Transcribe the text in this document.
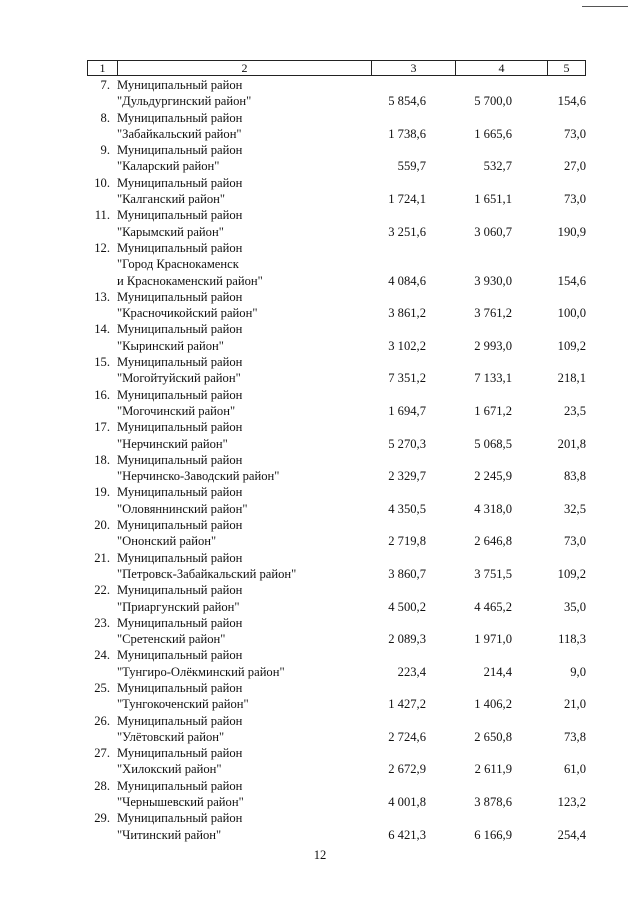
1	2	3	4	5
7. Муниципальный район
"Дульдургинский район"	5 854,6	5 700,0	154,6
8. Муниципальный район
"Забайкальский район"	1 738,6	1 665,6	73,0
9. Муниципальный район
"Каларский район"	559,7	532,7	27,0
10. Муниципальный район
"Калганский район"	1 724,1	1 651,1	73,0
11. Муниципальный район
"Карымский район"	3 251,6	3 060,7	190,9
12. Муниципальный район
"Город Краснокаменск
и Краснокаменский район"	4 084,6	3 930,0	154,6
13. Муниципальный район
"Красночикойский район"	3 861,2	3 761,2	100,0
14. Муниципальный район
"Кыринский район"	3 102,2	2 993,0	109,2
15. Муниципальный район
"Могойтуйский район"	7 351,2	7 133,1	218,1
16. Муниципальный район
"Могочинский район"	1 694,7	1 671,2	23,5
17. Муниципальный район
"Нерчинский район"	5 270,3	5 068,5	201,8
18. Муниципальный район
"Нерчинско-Заводский район"	2 329,7	2 245,9	83,8
19. Муниципальный район
"Оловяннинский район"	4 350,5	4 318,0	32,5
20. Муниципальный район
"Ононский район"	2 719,8	2 646,8	73,0
21. Муниципальный район
"Петровск-Забайкальский район"	3 860,7	3 751,5	109,2
22. Муниципальный район
"Приаргунский район"	4 500,2	4 465,2	35,0
23. Муниципальный район
"Сретенский район"	2 089,3	1 971,0	118,3
24. Муниципальный район
"Тунгиро-Олёкминский район"	223,4	214,4	9,0
25. Муниципальный район
"Тунгокоченский район"	1 427,2	1 406,2	21,0
26. Муниципальный район
"Улётовский район"	2 724,6	2 650,8	73,8
27. Муниципальный район
"Хилокский район"	2 672,9	2 611,9	61,0
28. Муниципальный район
"Чернышевский район"	4 001,8	3 878,6	123,2
29. Муниципальный район
"Читинский район"	6 421,3	6 166,9	254,4
12
